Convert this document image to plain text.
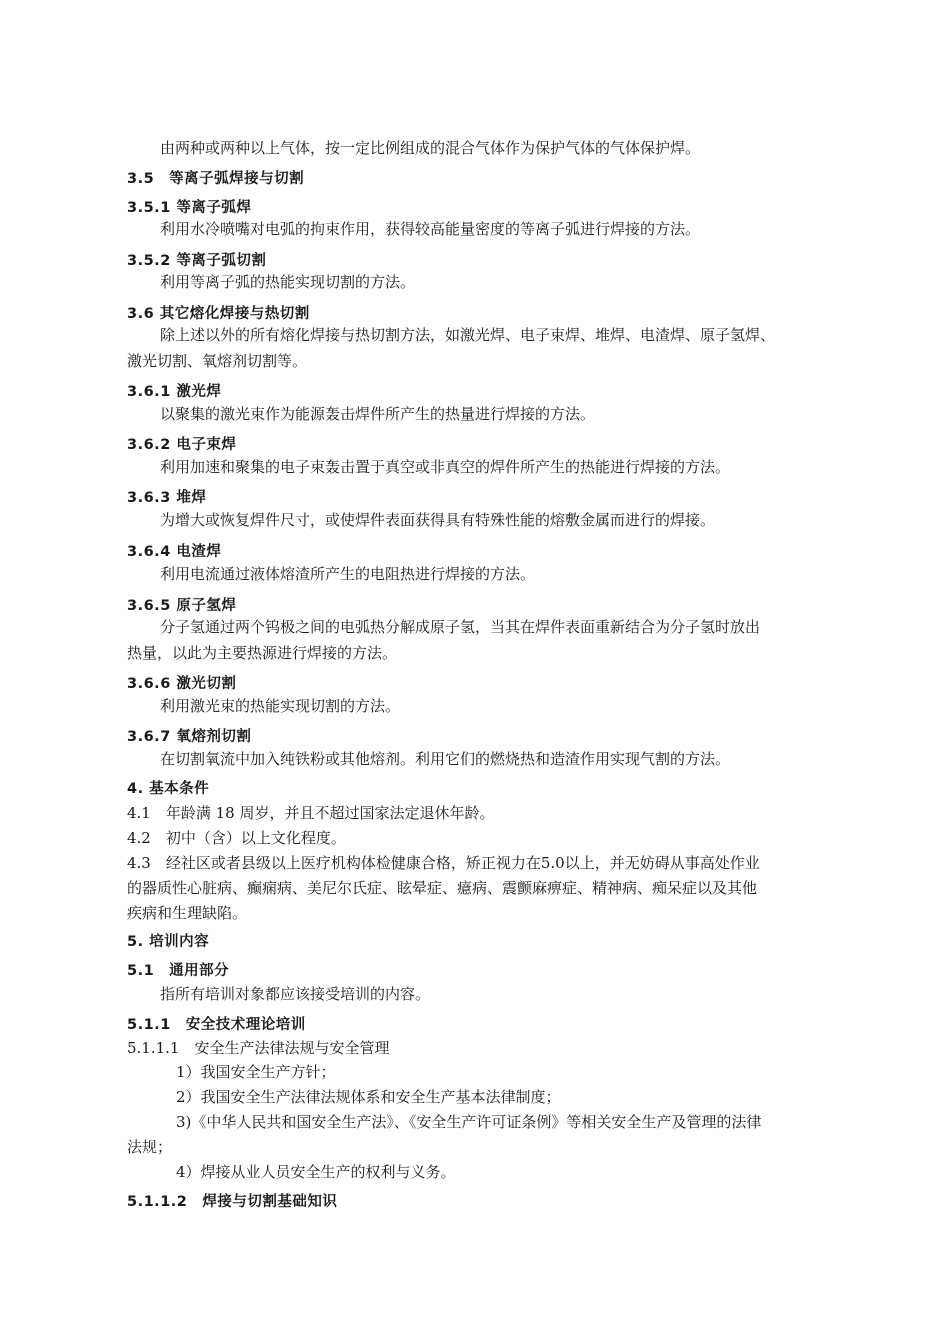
由两种或两种以上气体，按一定比例组成的混合气体作为保护气体的气体保护焊。
3.5　等离子弧焊接与切割
3.5.1 等离子弧焊
利用水冷喷嘴对电弧的拘束作用，获得较高能量密度的等离子弧进行焊接的方法。
3.5.2 等离子弧切割
利用等离子弧的热能实现切割的方法。
3.6 其它熔化焊接与热切割
除上述以外的所有熔化焊接与热切割方法，如激光焊、电子束焊、堆焊、电渣焊、原子氢焊、
激光切割、氧熔剂切割等。
3.6.1 激光焊
以聚集的激光束作为能源轰击焊件所产生的热量进行焊接的方法。
3.6.2 电子束焊
利用加速和聚集的电子束轰击置于真空或非真空的焊件所产生的热能进行焊接的方法。
3.6.3 堆焊
为增大或恢复焊件尺寸，或使焊件表面获得具有特殊性能的熔敷金属而进行的焊接。
3.6.4 电渣焊
利用电流通过液体熔渣所产生的电阻热进行焊接的方法。
3.6.5 原子氢焊
分子氢通过两个钨极之间的电弧热分解成原子氢，当其在焊件表面重新结合为分子氢时放出
热量，以此为主要热源进行焊接的方法。
3.6.6 激光切割
利用激光束的热能实现切割的方法。
3.6.7 氧熔剂切割
在切割氧流中加入纯铁粉或其他熔剂。利用它们的燃烧热和造渣作用实现气割的方法。
4. 基本条件
4.1　年龄满 18 周岁，并且不超过国家法定退休年龄。
4.2　初中（含）以上文化程度。
4.3　经社区或者县级以上医疗机构体检健康合格，矫正视力在5.0以上，并无妨碍从事高处作业
的器质性心脏病、癫痫病、美尼尔氏症、眩晕症、癔病、震颤麻痹症、精神病、痴呆症以及其他
疾病和生理缺陷。
5. 培训内容
5.1　通用部分
指所有培训对象都应该接受培训的内容。
5.1.1　安全技术理论培训
5.1.1.1　安全生产法律法规与安全管理
1）我国安全生产方针；
2）我国安全生产法律法规体系和安全生产基本法律制度；
3)《中华人民共和国安全生产法》、《安全生产许可证条例》等相关安全生产及管理的法律
法规；
4）焊接从业人员安全生产的权利与义务。
5.1.1.2　焊接与切割基础知识
